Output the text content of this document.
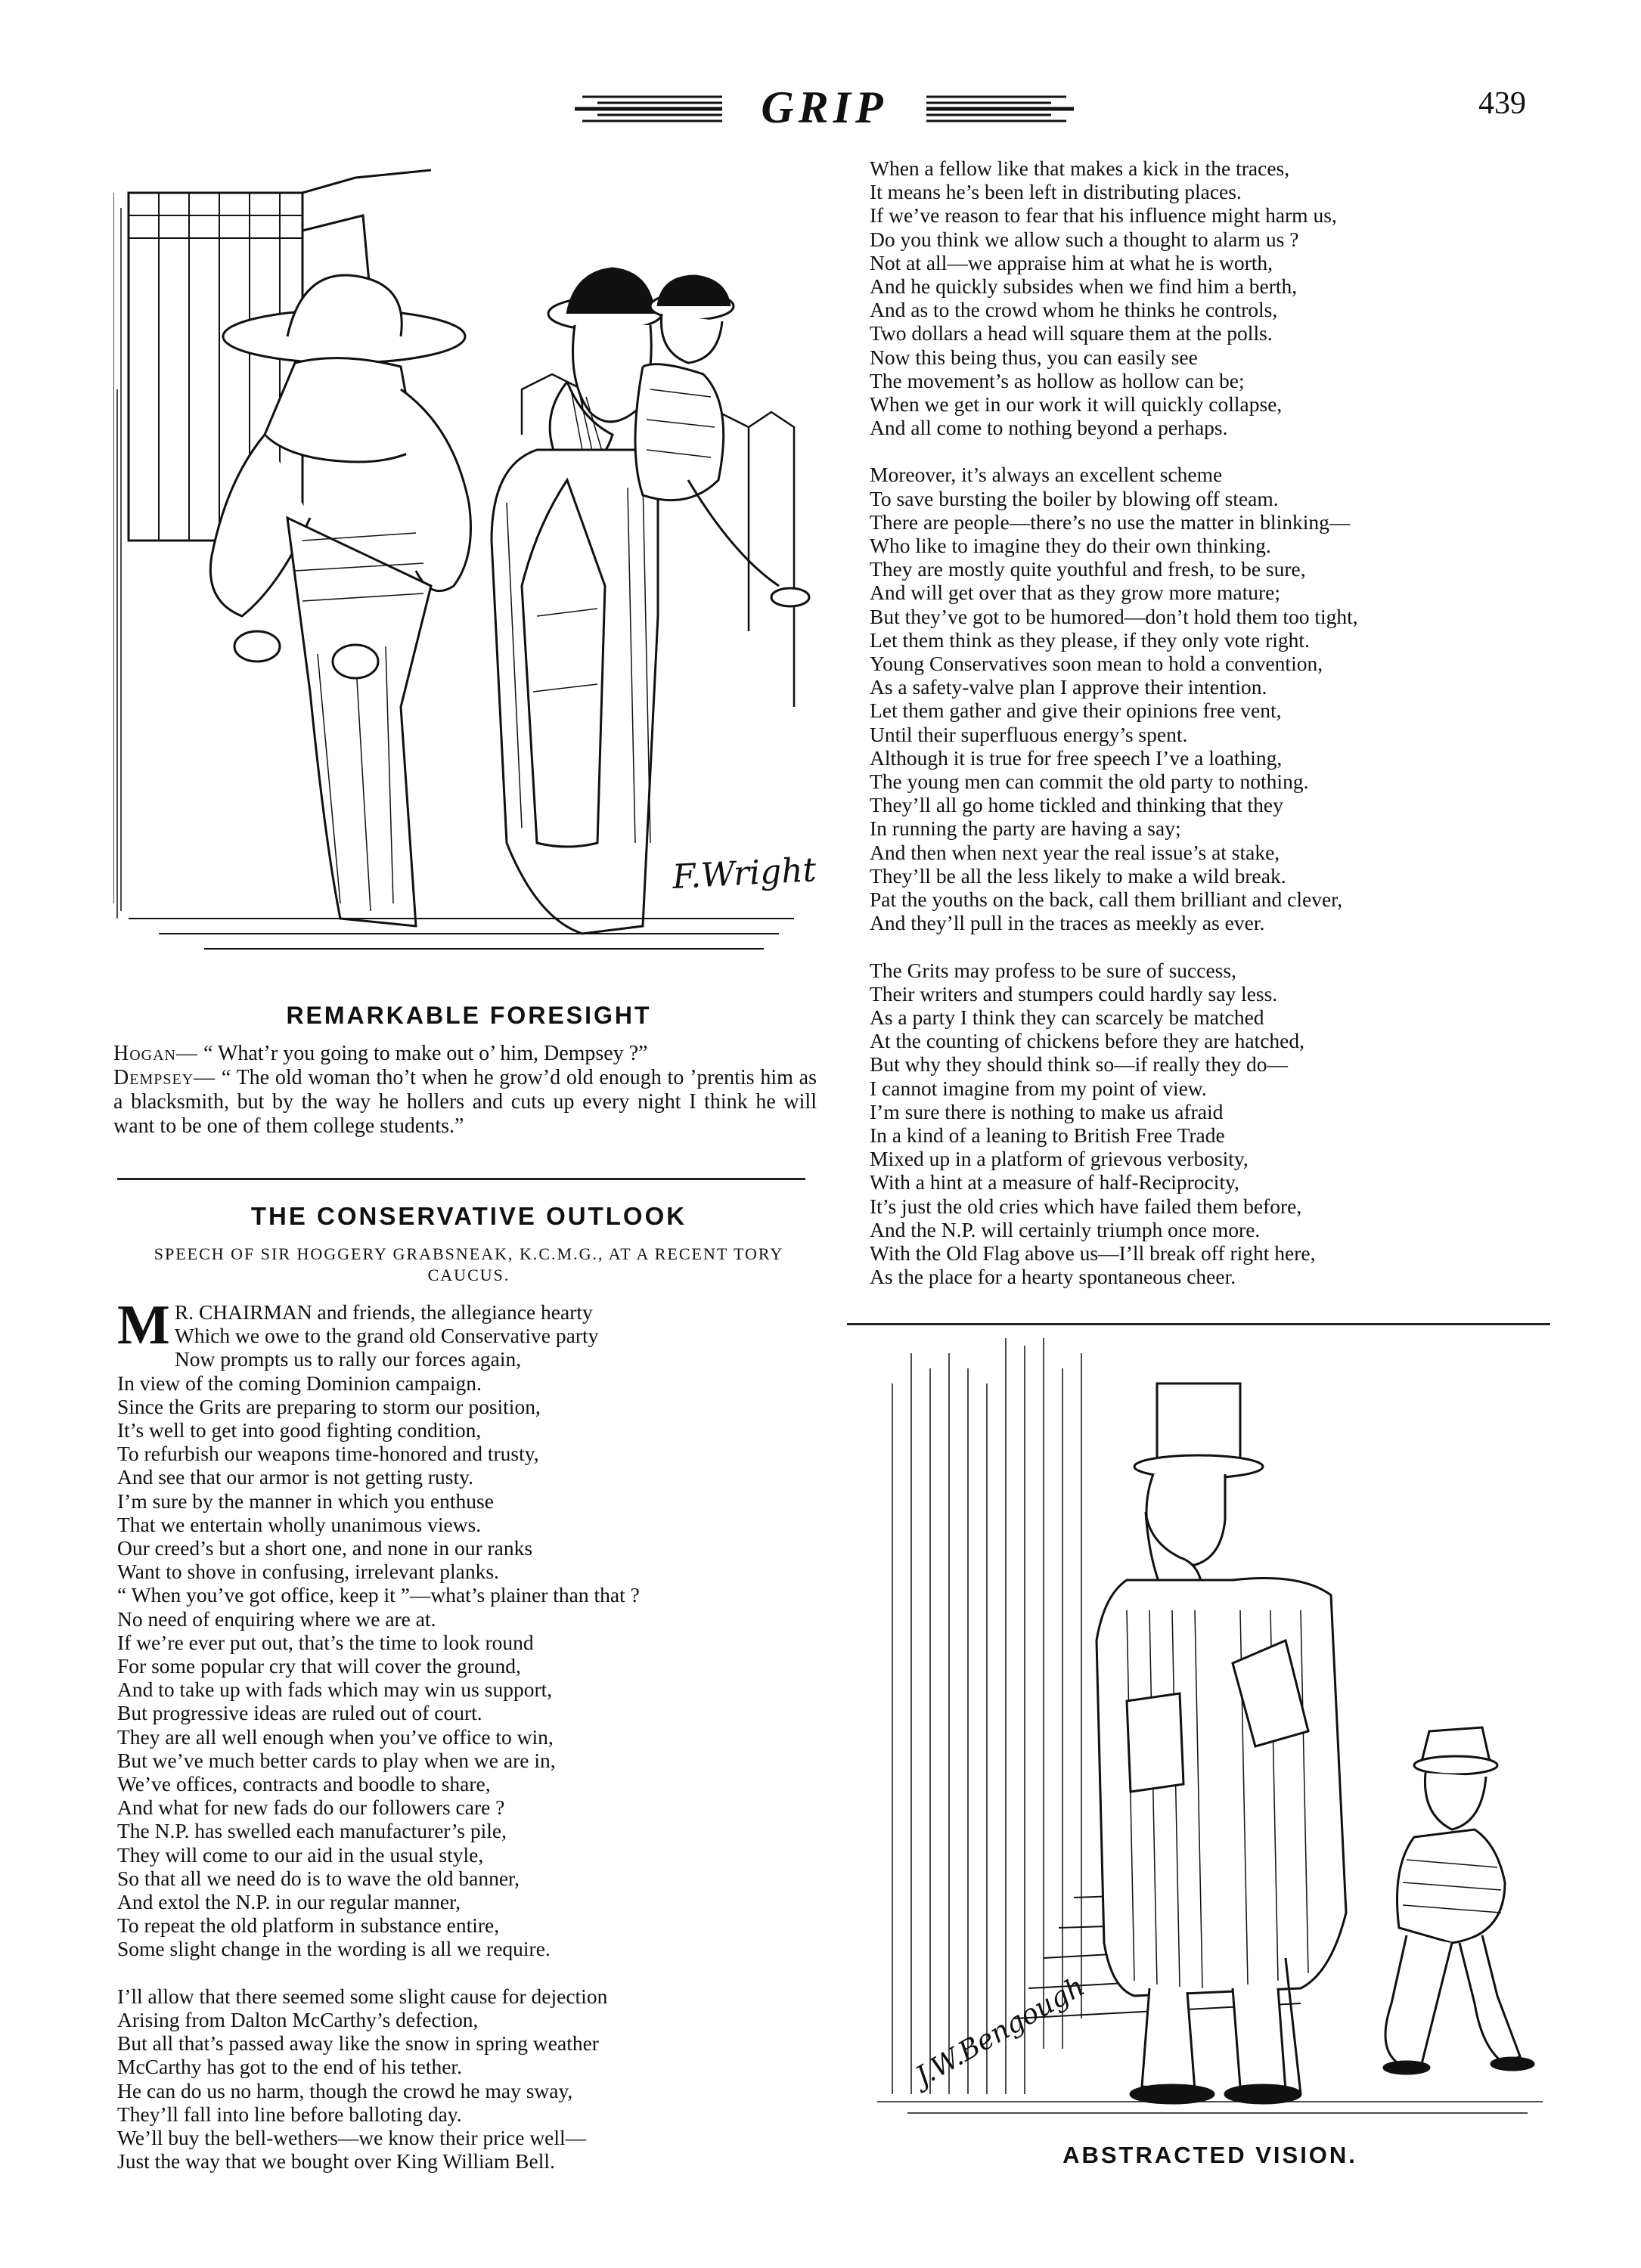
GRIP	439
F.Wright
REMARKABLE FORESIGHT

Hogan— “ What’r you going to make out o’ him, Dempsey ?”

Dempsey— “ The old woman tho’t when he grow’d old enough to ’prentis him as a blacksmith, but by the way he hollers and cuts up every night I think he will want to be one of them college students.”

THE CONSERVATIVE OUTLOOK
SPEECH OF SIR HOGGERY GRABSNEAK, K.C.M.G., AT A RECENT TORY CAUCUS.
M R. CHAIRMAN and friends, the allegiance hearty
Which we owe to the grand old Conservative party
Now prompts us to rally our forces again,
In view of the coming Dominion campaign.
Since the Grits are preparing to storm our position,
It’s well to get into good fighting condition,
To refurbish our weapons time-honored and trusty,
And see that our armor is not getting rusty.
I’m sure by the manner in which you enthuse
That we entertain wholly unanimous views.
Our creed’s but a short one, and none in our ranks
Want to shove in confusing, irrelevant planks.
“ When you’ve got office, keep it ”—what’s plainer than that ?
No need of enquiring where we are at.
If we’re ever put out, that’s the time to look round
For some popular cry that will cover the ground,
And to take up with fads which may win us support,
But progressive ideas are ruled out of court.
They are all well enough when you’ve office to win,
But we’ve much better cards to play when we are in,
We’ve offices, contracts and boodle to share,
And what for new fads do our followers care ?
The N.P. has swelled each manufacturer’s pile,
They will come to our aid in the usual style,
So that all we need do is to wave the old banner,
And extol the N.P. in our regular manner,
To repeat the old platform in substance entire,
Some slight change in the wording is all we require.
I’ll allow that there seemed some slight cause for dejection
Arising from Dalton McCarthy’s defection,
But all that’s passed away like the snow in spring weather
McCarthy has got to the end of his tether.
He can do us no harm, though the crowd he may sway,
They’ll fall into line before balloting day.
We’ll buy the bell-wethers—we know their price well—
Just the way that we bought over King William Bell.
When a fellow like that makes a kick in the traces,
It means he’s been left in distributing places.
If we’ve reason to fear that his influence might harm us,
Do you think we allow such a thought to alarm us ?
Not at all—we appraise him at what he is worth,
And he quickly subsides when we find him a berth,
And as to the crowd whom he thinks he controls,
Two dollars a head will square them at the polls.
Now this being thus, you can easily see
The movement’s as hollow as hollow can be;
When we get in our work it will quickly collapse,
And all come to nothing beyond a perhaps.
Moreover, it’s always an excellent scheme
To save bursting the boiler by blowing off steam.
There are people—there’s no use the matter in blinking—
Who like to imagine they do their own thinking.
They are mostly quite youthful and fresh, to be sure,
And will get over that as they grow more mature;
But they’ve got to be humored—don’t hold them too tight,
Let them think as they please, if they only vote right.
Young Conservatives soon mean to hold a convention,
As a safety-valve plan I approve their intention.
Let them gather and give their opinions free vent,
Until their superfluous energy’s spent.
Although it is true for free speech I’ve a loathing,
The young men can commit the old party to nothing.
They’ll all go home tickled and thinking that they
In running the party are having a say;
And then when next year the real issue’s at stake,
They’ll be all the less likely to make a wild break.
Pat the youths on the back, call them brilliant and clever,
And they’ll pull in the traces as meekly as ever.
The Grits may profess to be sure of success,
Their writers and stumpers could hardly say less.
As a party I think they can scarcely be matched
At the counting of chickens before they are hatched,
But why they should think so—if really they do—
I cannot imagine from my point of view.
I’m sure there is nothing to make us afraid
In a kind of a leaning to British Free Trade
Mixed up in a platform of grievous verbosity,
With a hint at a measure of half-Reciprocity,
It’s just the old cries which have failed them before,
And the N.P. will certainly triumph once more.
With the Old Flag above us—I’ll break off right here,
As the place for a hearty spontaneous cheer.
J.W.Bengough
ABSTRACTED VISION.
